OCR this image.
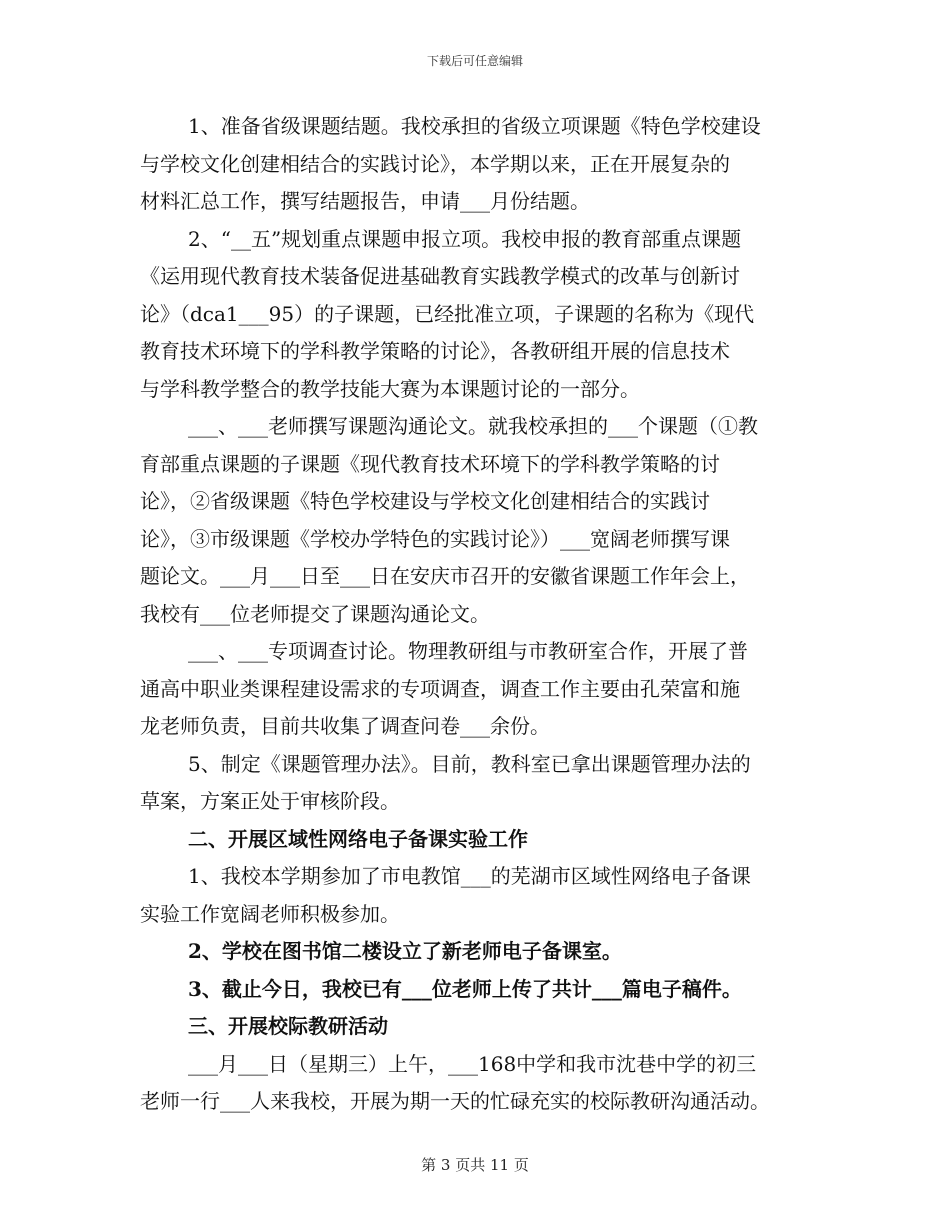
下载后可任意编辑

1、准备省级课题结题。我校承担的省级立项课题《特色学校建设

与学校文化创建相结合的实践讨论》，本学期以来，正在开展复杂的

材料汇总工作，撰写结题报告，申请___月份结题。

2、“__五”规划重点课题申报立项。我校申报的教育部重点课题

《运用现代教育技术装备促进基础教育实践教学模式的改革与创新讨

论》（dca1___95）的子课题，已经批准立项，子课题的名称为《现代

教育技术环境下的学科教学策略的讨论》，各教研组开展的信息技术

与学科教学整合的教学技能大赛为本课题讨论的一部分。

___、___老师撰写课题沟通论文。就我校承担的___个课题（①教

育部重点课题的子课题《现代教育技术环境下的学科教学策略的讨

论》，②省级课题《特色学校建设与学校文化创建相结合的实践讨

论》，③市级课题《学校办学特色的实践讨论》）___宽阔老师撰写课

题论文。___月___日至___日在安庆市召开的安徽省课题工作年会上，

我校有___位老师提交了课题沟通论文。

___、___专项调查讨论。物理教研组与市教研室合作，开展了普

通高中职业类课程建设需求的专项调查，调查工作主要由孔荣富和施

龙老师负责，目前共收集了调查问卷___余份。

5、制定《课题管理办法》。目前，教科室已拿出课题管理办法的

草案，方案正处于审核阶段。

二、开展区域性网络电子备课实验工作

1、我校本学期参加了市电教馆___的芜湖市区域性网络电子备课

实验工作宽阔老师积极参加。

2、学校在图书馆二楼设立了新老师电子备课室。

3、截止今日，我校已有___位老师上传了共计___篇电子稿件。

三、开展校际教研活动

___月___日（星期三）上午，___168中学和我市沈巷中学的初三

老师一行___人来我校，开展为期一天的忙碌充实的校际教研沟通活动。

第 3 页共 11 页
